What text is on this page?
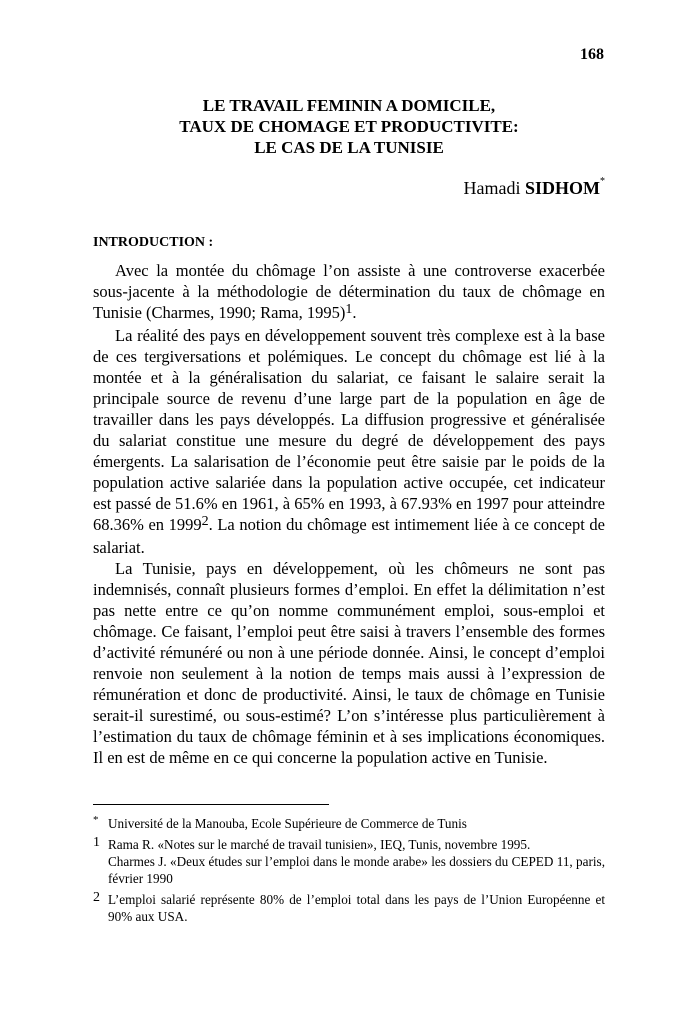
168
LE TRAVAIL FEMININ A DOMICILE,
TAUX DE CHOMAGE ET PRODUCTIVITE:
LE CAS DE LA TUNISIE
Hamadi SIDHOM*
INTRODUCTION :

Avec la montée du chômage l’on assiste à une controverse exacerbée sous-jacente à la méthodologie de détermination du taux de chômage en Tunisie (Charmes, 1990; Rama, 1995)$^1$.

La réalité des pays en développement souvent très complexe est à la base de ces tergiversations et polémiques. Le concept du chômage est lié à la montée et à la généralisation du salariat, ce faisant le salaire serait la principale source de revenu d’une large part de la population en âge de travailler dans les pays développés. La diffusion progressive et généralisée du salariat constitue une mesure du degré de développement des pays émergents. La salarisation de l’économie peut être saisie par le poids de la population active salariée dans la population active occupée, cet indicateur est passé de 51.6% en 1961, à 65% en 1993, à 67.93% en 1997 pour atteindre 68.36% en 1999$^2$. La notion du chômage est intimement liée à ce concept de salariat.

La Tunisie, pays en développement, où les chômeurs ne sont pas indemnisés, connaît plusieurs formes d’emploi. En effet la délimitation n’est pas nette entre ce qu’on nomme communément emploi, sous-emploi et chômage. Ce faisant, l’emploi peut être saisi à travers l’ensemble des formes d’activité rémunéré ou non à une période donnée. Ainsi, le concept d’emploi renvoie non seulement à la notion de temps mais aussi à l’expression de rémunération et donc de productivité. Ainsi, le taux de chômage en Tunisie serait-il surestimé, ou sous-estimé? L’on s’intéresse plus particulièrement à l’estimation du taux de chômage féminin et à ses implications économiques. Il en est de même en ce qui concerne la population active en Tunisie.

* Université de la Manouba, Ecole Supérieure de Commerce de Tunis
1 Rama R. «Notes sur le marché de travail tunisien», IEQ, Tunis, novembre 1995.
Charmes J. «Deux études sur l’emploi dans le monde arabe» les dossiers du CEPED 11, paris, février 1990
2 L’emploi salarié représente 80% de l’emploi total dans les pays de l’Union Européenne et 90% aux USA.
